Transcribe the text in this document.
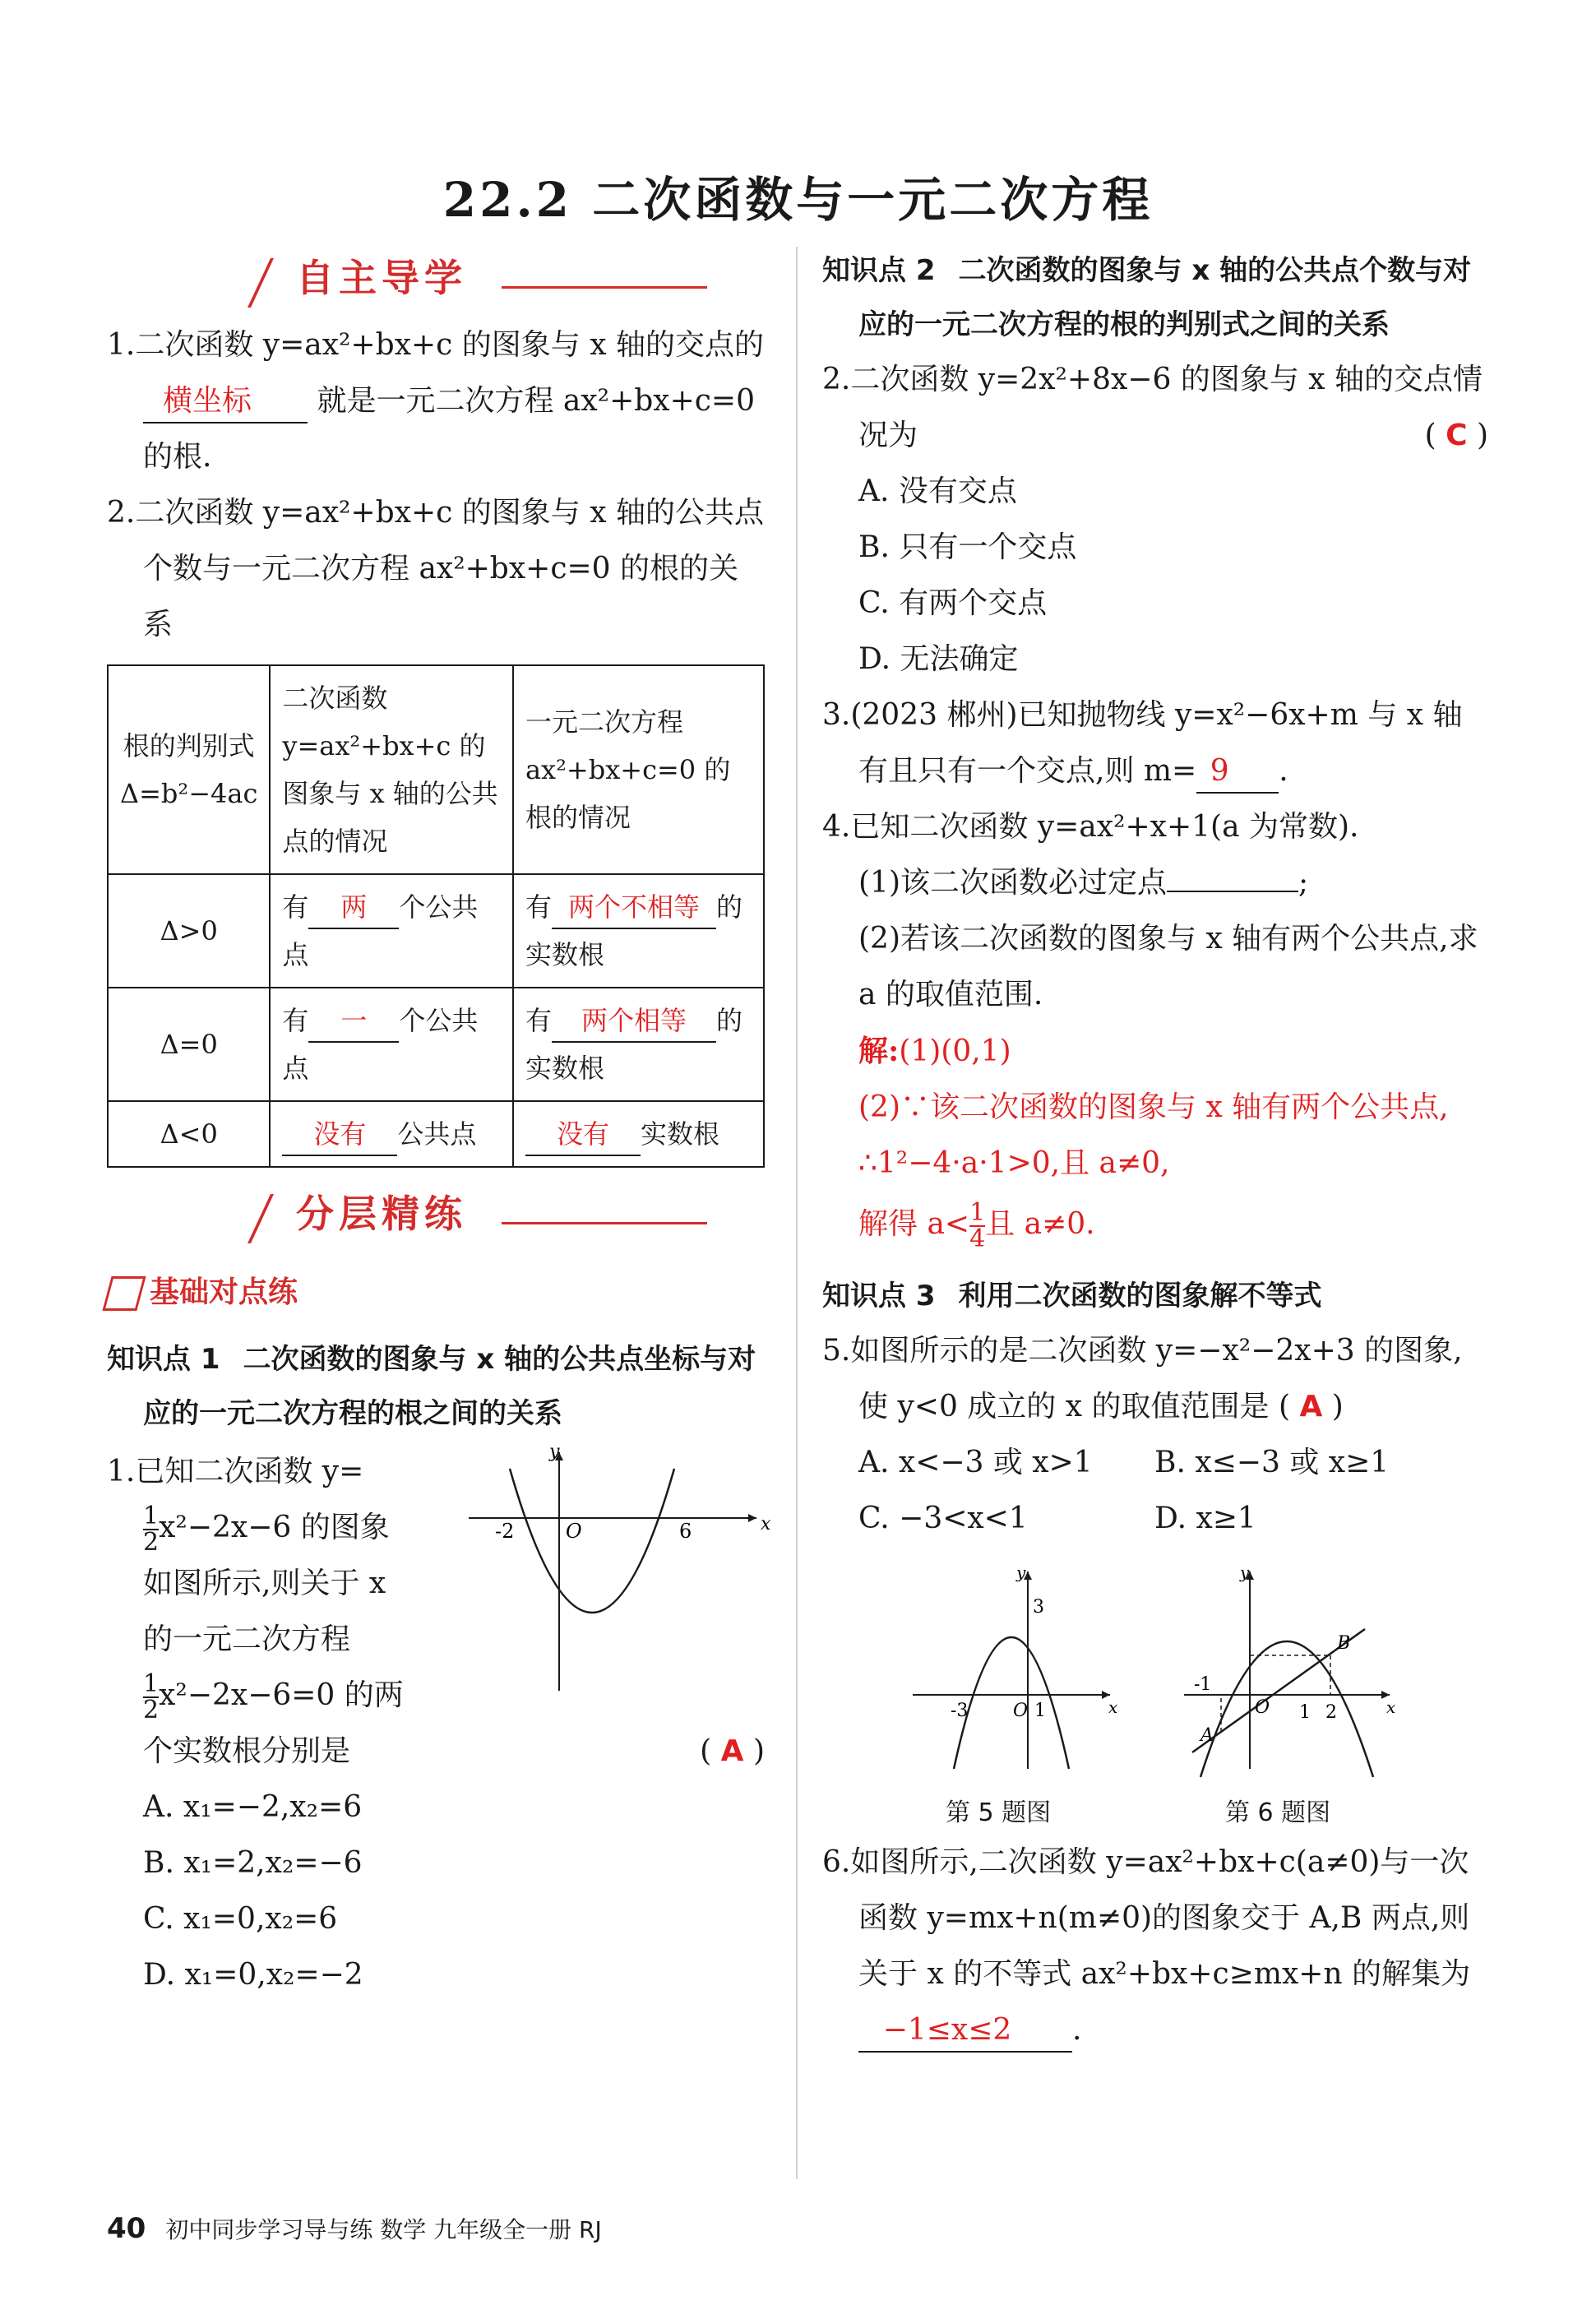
22.2 二次函数与一元二次方程
自主导学

1.二次函数 y=ax²+bx+c 的图象与 x 轴的交点的 横坐标 就是一元二次方程 ax²+bx+c=0 的根.

2.二次函数 y=ax²+bx+c 的图象与 x 轴的公共点个数与一元二次方程 ax²+bx+c=0 的根的关系

根的判别式 Δ=b²−4ac	二次函数 y=ax²+bx+c 的图象与 x 轴的公共点的情况	一元二次方程 ax²+bx+c=0 的根的情况
Δ>0	有 两 个公共点	有 两个不相等 的实数根
Δ=0	有 一 个公共点	有 两个相等 的实数根
Δ<0	没有 公共点	没有 实数根
分层精练
基础对点练

知识点 1 二次函数的图象与 x 轴的公共点坐标与对应的一元二次方程的根之间的关系

1.已知二次函数 y=

$\frac{1}{2} x^2-2x-6$ 的图象

如图所示,则关于 x

的一元二次方程

$\frac{1}{2} x^2-2x-6=0$ 的两

y
x
O
-2	6

个实数根分别是	( A )

A. x₁=−2,x₂=6

B. x₁=2,x₂=−6

C. x₁=0,x₂=6

D. x₁=0,x₂=−2

知识点 2 二次函数的图象与 x 轴的公共点个数与对应的一元二次方程的根的判别式之间的关系

2.二次函数 y=2x²+8x−6 的图象与 x 轴的交点情况为	( C )

A. 没有交点

B. 只有一个交点

C. 有两个交点

D. 无法确定

3.(2023 郴州)已知抛物线 y=x²−6x+m 与 x 轴有且只有一个交点,则 m= 9 .

4.已知二次函数 y=ax²+x+1(a 为常数).

(1)该二次函数必过定点	;

(2)若该二次函数的图象与 x 轴有两个公共点,求 a 的取值范围.

解:(1)(0,1)

(2)∵该二次函数的图象与 x 轴有两个公共点,

∴1²−4·a·1>0,且 a≠0,

解得 $a< \frac{1}{4}$ 且 a≠0.

知识点 3 利用二次函数的图象解不等式

5.如图所示的是二次函数 y=−x²−2x+3 的图象,使 y<0 成立的 x 的取值范围是 ( A )

A. x<−3 或 x>1 B. x≤−3 或 x≥1

C. −3<x<1	D. x≥1

y
x
O
-3	1
3
y
x
O
-1
1 2
A
B
第 5 题图	第 6 题图

6.如图所示,二次函数 y=ax²+bx+c(a≠0)与一次函数 y=mx+n(m≠0)的图象交于 A,B 两点,则关于 x 的不等式 ax²+bx+c≥mx+n 的解集为−1≤x≤2 .

40 初中同步学习导与练 数学 九年级全一册 RJ
